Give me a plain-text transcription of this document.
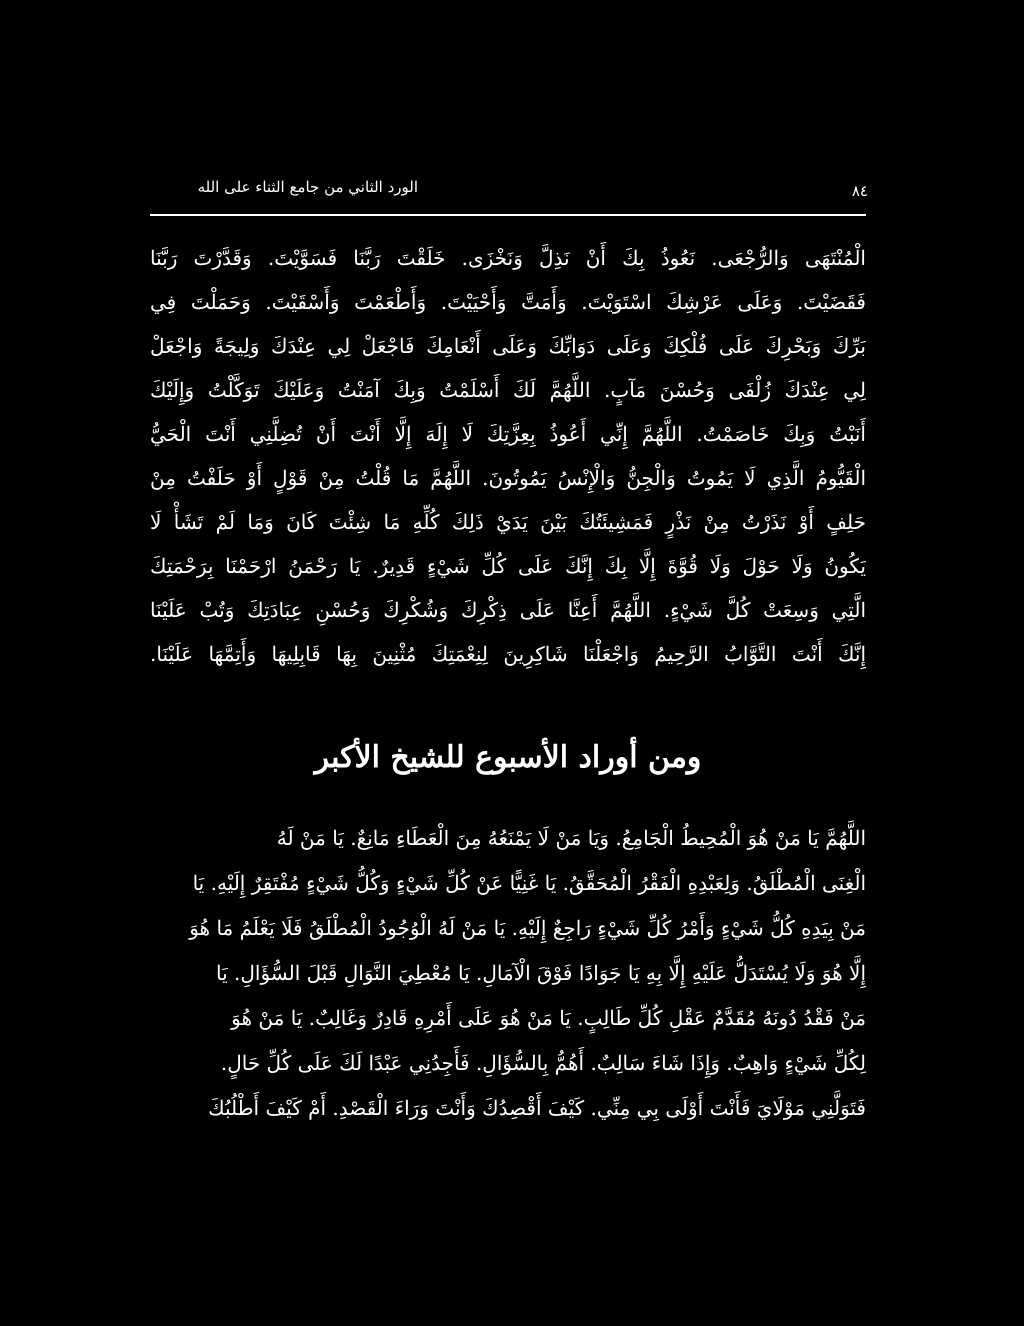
الورد الثاني من جامع الثناء على الله	٨٤
الْمُنْتَهَى وَالرُّجْعَى. نَعُوذُ بِكَ أَنْ نَذِلَّ وَنَخْزَى. خَلَقْتَ رَبَّنَا فَسَوَّيْتَ. وَقَدَّرْتَ رَبَّنَا
فَقَضَيْتَ. وَعَلَى عَرْشِكَ اسْتَوَيْتَ. وَأَمَتَّ وَأَحْيَيْتَ. وَأَطْعَمْتَ وَأَسْقَيْتَ. وَحَمَلْتَ فِي
بَرِّكَ وَبَحْرِكَ عَلَى فُلْكِكَ وَعَلَى دَوَابِّكَ وَعَلَى أَنْعَامِكَ فَاجْعَلْ لِي عِنْدَكَ وَلِيجَةً وَاجْعَلْ
لِي عِنْدَكَ زُلْفَى وَحُسْنَ مَآبٍ. اللَّهُمَّ لَكَ أَسْلَمْتُ وَبِكَ آمَنْتُ وَعَلَيْكَ تَوَكَّلْتُ وَإِلَيْكَ
أَنَبْتُ وَبِكَ خَاصَمْتُ. اللَّهُمَّ إِنِّي أَعُوذُ بِعِزَّتِكَ لَا إِلَهَ إِلَّا أَنْتَ أَنْ تُضِلَّنِي أَنْتَ الْحَيُّ
الْقَيُّومُ الَّذِي لَا يَمُوتُ وَالْجِنُّ وَالْإِنْسُ يَمُوتُونَ. اللَّهُمَّ مَا قُلْتُ مِنْ قَوْلٍ أَوْ حَلَفْتُ مِنْ
حَلِفٍ أَوْ نَذَرْتُ مِنْ نَذْرٍ فَمَشِيئَتُكَ بَيْنَ يَدَيْ ذَلِكَ كُلِّهِ مَا شِئْتَ كَانَ وَمَا لَمْ تَشَأْ لَا
يَكُونُ وَلَا حَوْلَ وَلَا قُوَّةَ إِلَّا بِكَ إِنَّكَ عَلَى كُلِّ شَيْءٍ قَدِيرٌ. يَا رَحْمَنُ ارْحَمْنَا بِرَحْمَتِكَ
الَّتِي وَسِعَتْ كُلَّ شَيْءٍ. اللَّهُمَّ أَعِنَّا عَلَى ذِكْرِكَ وَشُكْرِكَ وَحُسْنِ عِبَادَتِكَ وَتُبْ عَلَيْنَا
إِنَّكَ أَنْتَ التَّوَّابُ الرَّحِيمُ وَاجْعَلْنَا شَاكِرِينَ لِنِعْمَتِكَ مُثْنِينَ بِهَا قَابِلِيهَا وَأَتِمَّهَا عَلَيْنَا.
ومن أوراد الأسبوع للشيخ الأكبر
اللَّهُمَّ يَا مَنْ هُوَ الْمُحِيطُ الْجَامِعُ. وَيَا مَنْ لَا يَمْنَعُهُ مِنَ الْعَطَاءِ مَانِعٌ. يَا مَنْ لَهُ
الْغِنَى الْمُطْلَقُ. وَلِعَبْدِهِ الْفَقْرُ الْمُحَقَّقُ. يَا غَنِيًّا عَنْ كُلِّ شَيْءٍ وَكُلُّ شَيْءٍ مُفْتَقِرٌ إِلَيْهِ. يَا
مَنْ بِيَدِهِ كُلُّ شَيْءٍ وَأَمْرُ كُلِّ شَيْءٍ رَاجِعٌ إِلَيْهِ. يَا مَنْ لَهُ الْوُجُودُ الْمُطْلَقُ فَلَا يَعْلَمُ مَا هُوَ
إِلَّا هُوَ وَلَا يُسْتَدَلُّ عَلَيْهِ إِلَّا بِهِ يَا جَوَادًا فَوْقَ الْآمَالِ. يَا مُعْطِيَ النَّوَالِ قَبْلَ السُّؤَالِ. يَا
مَنْ فَقْدُ دُونَهُ مُقَدَّمٌ عَقْلِ كُلِّ طَالِبٍ. يَا مَنْ هُوَ عَلَى أَمْرِهِ قَادِرٌ وَغَالِبٌ. يَا مَنْ هُوَ
لِكُلِّ شَيْءٍ وَاهِبٌ. وَإِذَا شَاءَ سَالِبٌ. أَهُمُّ بِالسُّؤَالِ. فَأَجِدُنِي عَبْدًا لَكَ عَلَى كُلِّ حَالٍ.
فَتَوَلَّنِي مَوْلَايَ فَأَنْتَ أَوْلَى بِي مِنِّي. كَيْفَ أَقْصِدُكَ وَأَنْتَ وَرَاءَ الْقَصْدِ. أَمْ كَيْفَ أَطْلُبُكَ
